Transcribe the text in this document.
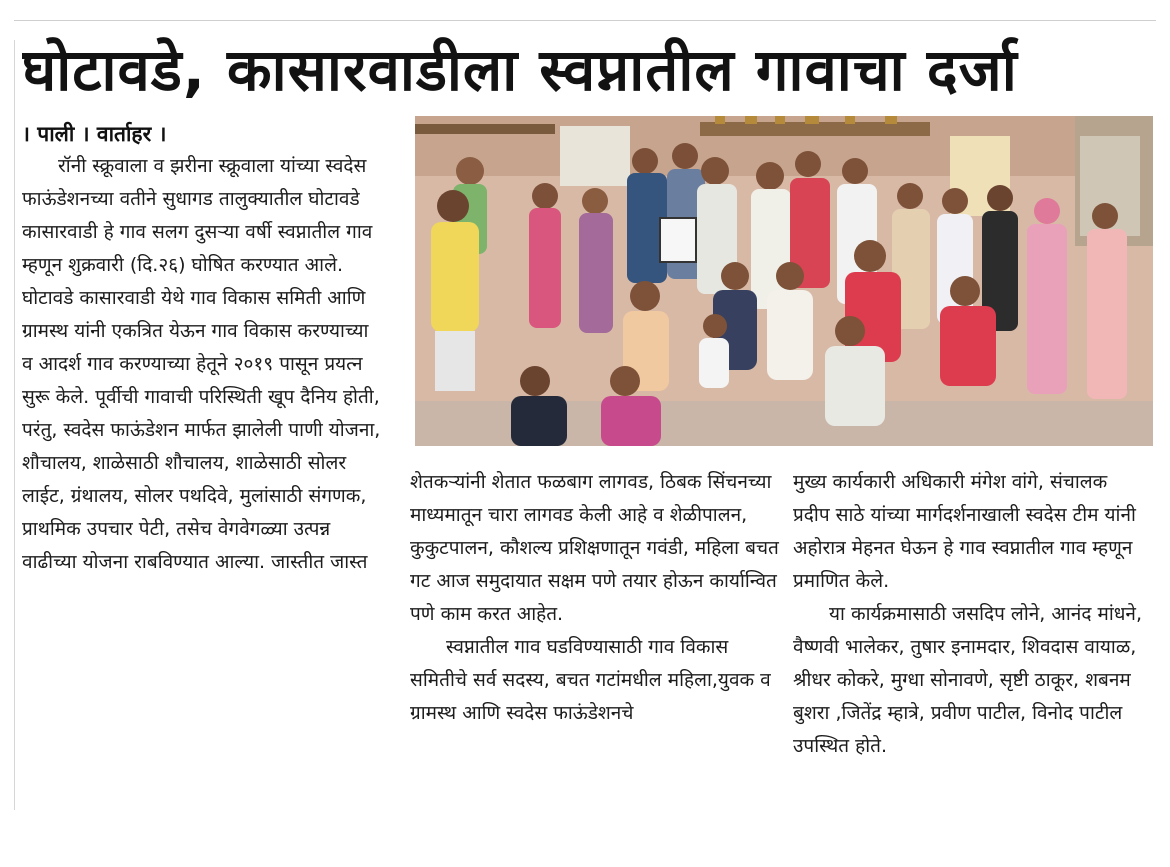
घोटावडे, कासारवाडीला स्वप्नातील गावाचा दर्जा
। पाली । वार्ताहर ।

रॉनी स्क्रूवाला व झरीना स्क्रूवाला यांच्या स्वदेस फाऊंडेशनच्या वतीने सुधागड तालुक्यातील घोटावडे कासारवाडी हे गाव सलग दुसऱ्या वर्षी स्वप्नातील गाव म्हणून शुक्रवारी (दि.२६) घोषित करण्यात आले. घोटावडे कासारवाडी येथे गाव विकास समिती आणि ग्रामस्थ यांनी एकत्रित येऊन गाव विकास करण्याच्या व आदर्श गाव करण्याच्या हेतूने २०१९ पासून प्रयत्न सुरू केले. पूर्वीची गावाची परिस्थिती खूप दैनिय होती, परंतु, स्वदेस फाऊंडेशन मार्फत झालेली पाणी योजना, शौचालय, शाळेसाठी शौचालय, शाळेसाठी सोलर लाईट, ग्रंथालय, सोलर पथदिवे, मुलांसाठी संगणक, प्राथमिक उपचार पेटी, तसेच वेगवेगळ्या उत्पन्न वाढीच्या योजना राबविण्यात आल्या. जास्तीत जास्त

शेतकऱ्यांनी शेतात फळबाग लागवड, ठिबक सिंचनच्या माध्यमातून चारा लागवड केली आहे व शेळीपालन, कुकुटपालन, कौशल्य प्रशिक्षणातून गवंडी, महिला बचत गट आज समुदायात सक्षम पणे तयार होऊन कार्यान्वित पणे काम करत आहेत.

स्वप्नातील गाव घडविण्यासाठी गाव विकास समितीचे सर्व सदस्य, बचत गटांमधील महिला,युवक व ग्रामस्थ आणि स्वदेस फाऊंडेशनचे

मुख्य कार्यकारी अधिकारी मंगेश वांगे, संचालक प्रदीप साठे यांच्या मार्गदर्शनाखाली स्वदेस टीम यांनी अहोरात्र मेहनत घेऊन हे गाव स्वप्नातील गाव म्हणून प्रमाणित केले.

या कार्यक्रमासाठी जसदिप लोने, आनंद मांधने, वैष्णवी भालेकर, तुषार इनामदार, शिवदास वायाळ, श्रीधर कोकरे, मुग्धा सोनावणे, सृष्टी ठाकूर, शबनम बुशरा ,जितेंद्र म्हात्रे, प्रवीण पाटील, विनोद पाटील उपस्थित होते.
